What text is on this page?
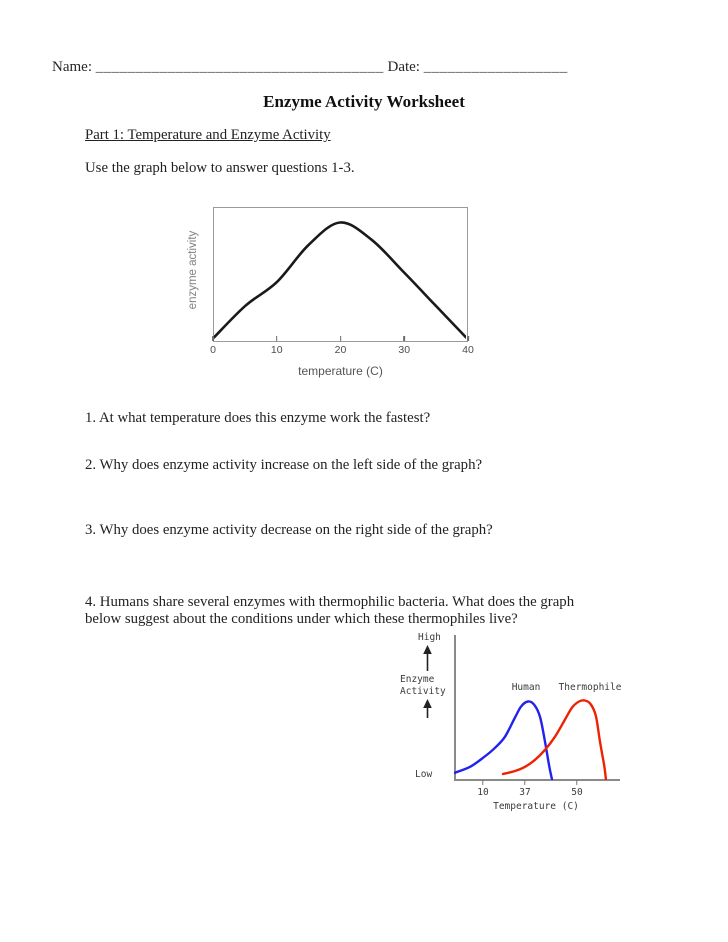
Name: ____________________________________ Date: __________________
Enzyme Activity Worksheet
Part 1: Temperature and Enzyme Activity
Use the graph below to answer questions 1-3.
enzyme activity
0	10	20	30	40
temperature (C)
1. At what temperature does this enzyme work the fastest?
2. Why does enzyme activity increase on the left side of the graph?
3. Why does enzyme activity decrease on the right side of the graph?
4. Humans share several enzymes with thermophilic bacteria. What does the graph
below suggest about the conditions under which these thermophiles live?
High
Enzyme
Activity
Low
Human Thermophile
10	37	50
Temperature (C)
